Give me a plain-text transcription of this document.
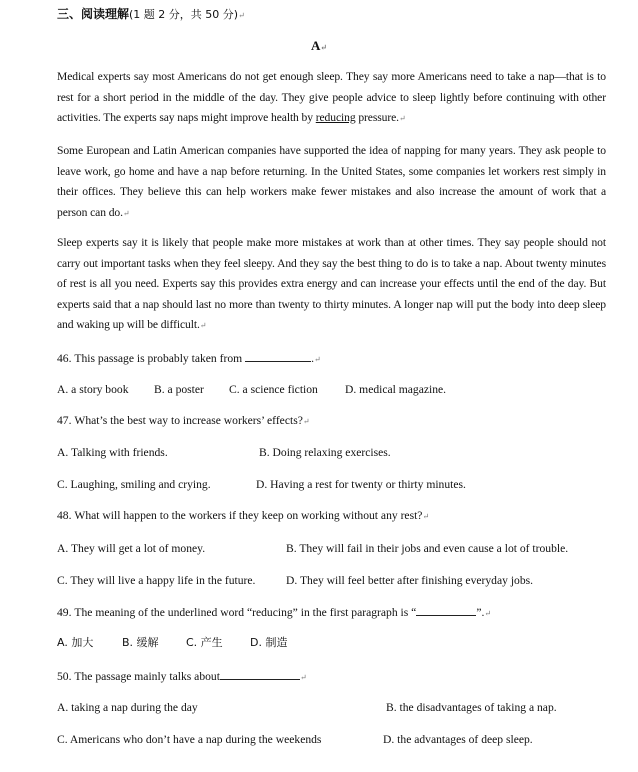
三、阅读理解(1 题 2 分，共 50 分)↵
A↵
Medical experts say most Americans do not get enough sleep. They say more Americans need to take a nap—that is to rest for a short period in the middle of the day. They give people advice to sleep lightly before continuing with other activities. The experts say naps might improve health by reducing pressure.↵
Some European and Latin American companies have supported the idea of napping for many years. They ask people to leave work, go home and have a nap before returning. In the United States, some companies let workers rest simply in their offices. They believe this can help workers make fewer mistakes and also increase the amount of work that a person can do.↵
Sleep experts say it is likely that people make more mistakes at work than at other times. They say people should not carry out important tasks when they feel sleepy. And they say the best thing to do is to take a nap. About twenty minutes of rest is all you need. Experts say this provides extra energy and can increase your effects until the end of the day. But experts said that a nap should last no more than twenty to thirty minutes. A longer nap will put the body into deep sleep and waking up will be difficult.↵
46. This passage is probably taken from	.↵
A. a story book B. a poster C. a science fiction D. medical magazine.
47. What’s the best way to increase workers’ effects?↵
A. Talking with friends.	B. Doing relaxing exercises.
C. Laughing, smiling and crying.	D. Having a rest for twenty or thirty minutes.
48. What will happen to the workers if they keep on working without any rest?↵
A. They will get a lot of money.	B. They will fail in their jobs and even cause a lot of trouble.
C. They will live a happy life in the future.	D. They will feel better after finishing everyday jobs.
49. The meaning of the underlined word “reducing” in the first paragraph is “	”.↵
A. 加大	B. 缓解 C. 产生 D. 制造
50. The passage mainly talks about	↵
A. taking a nap during the day	B. the disadvantages of taking a nap.
C. Americans who don’t have a nap during the weekends	D. the advantages of deep sleep.
